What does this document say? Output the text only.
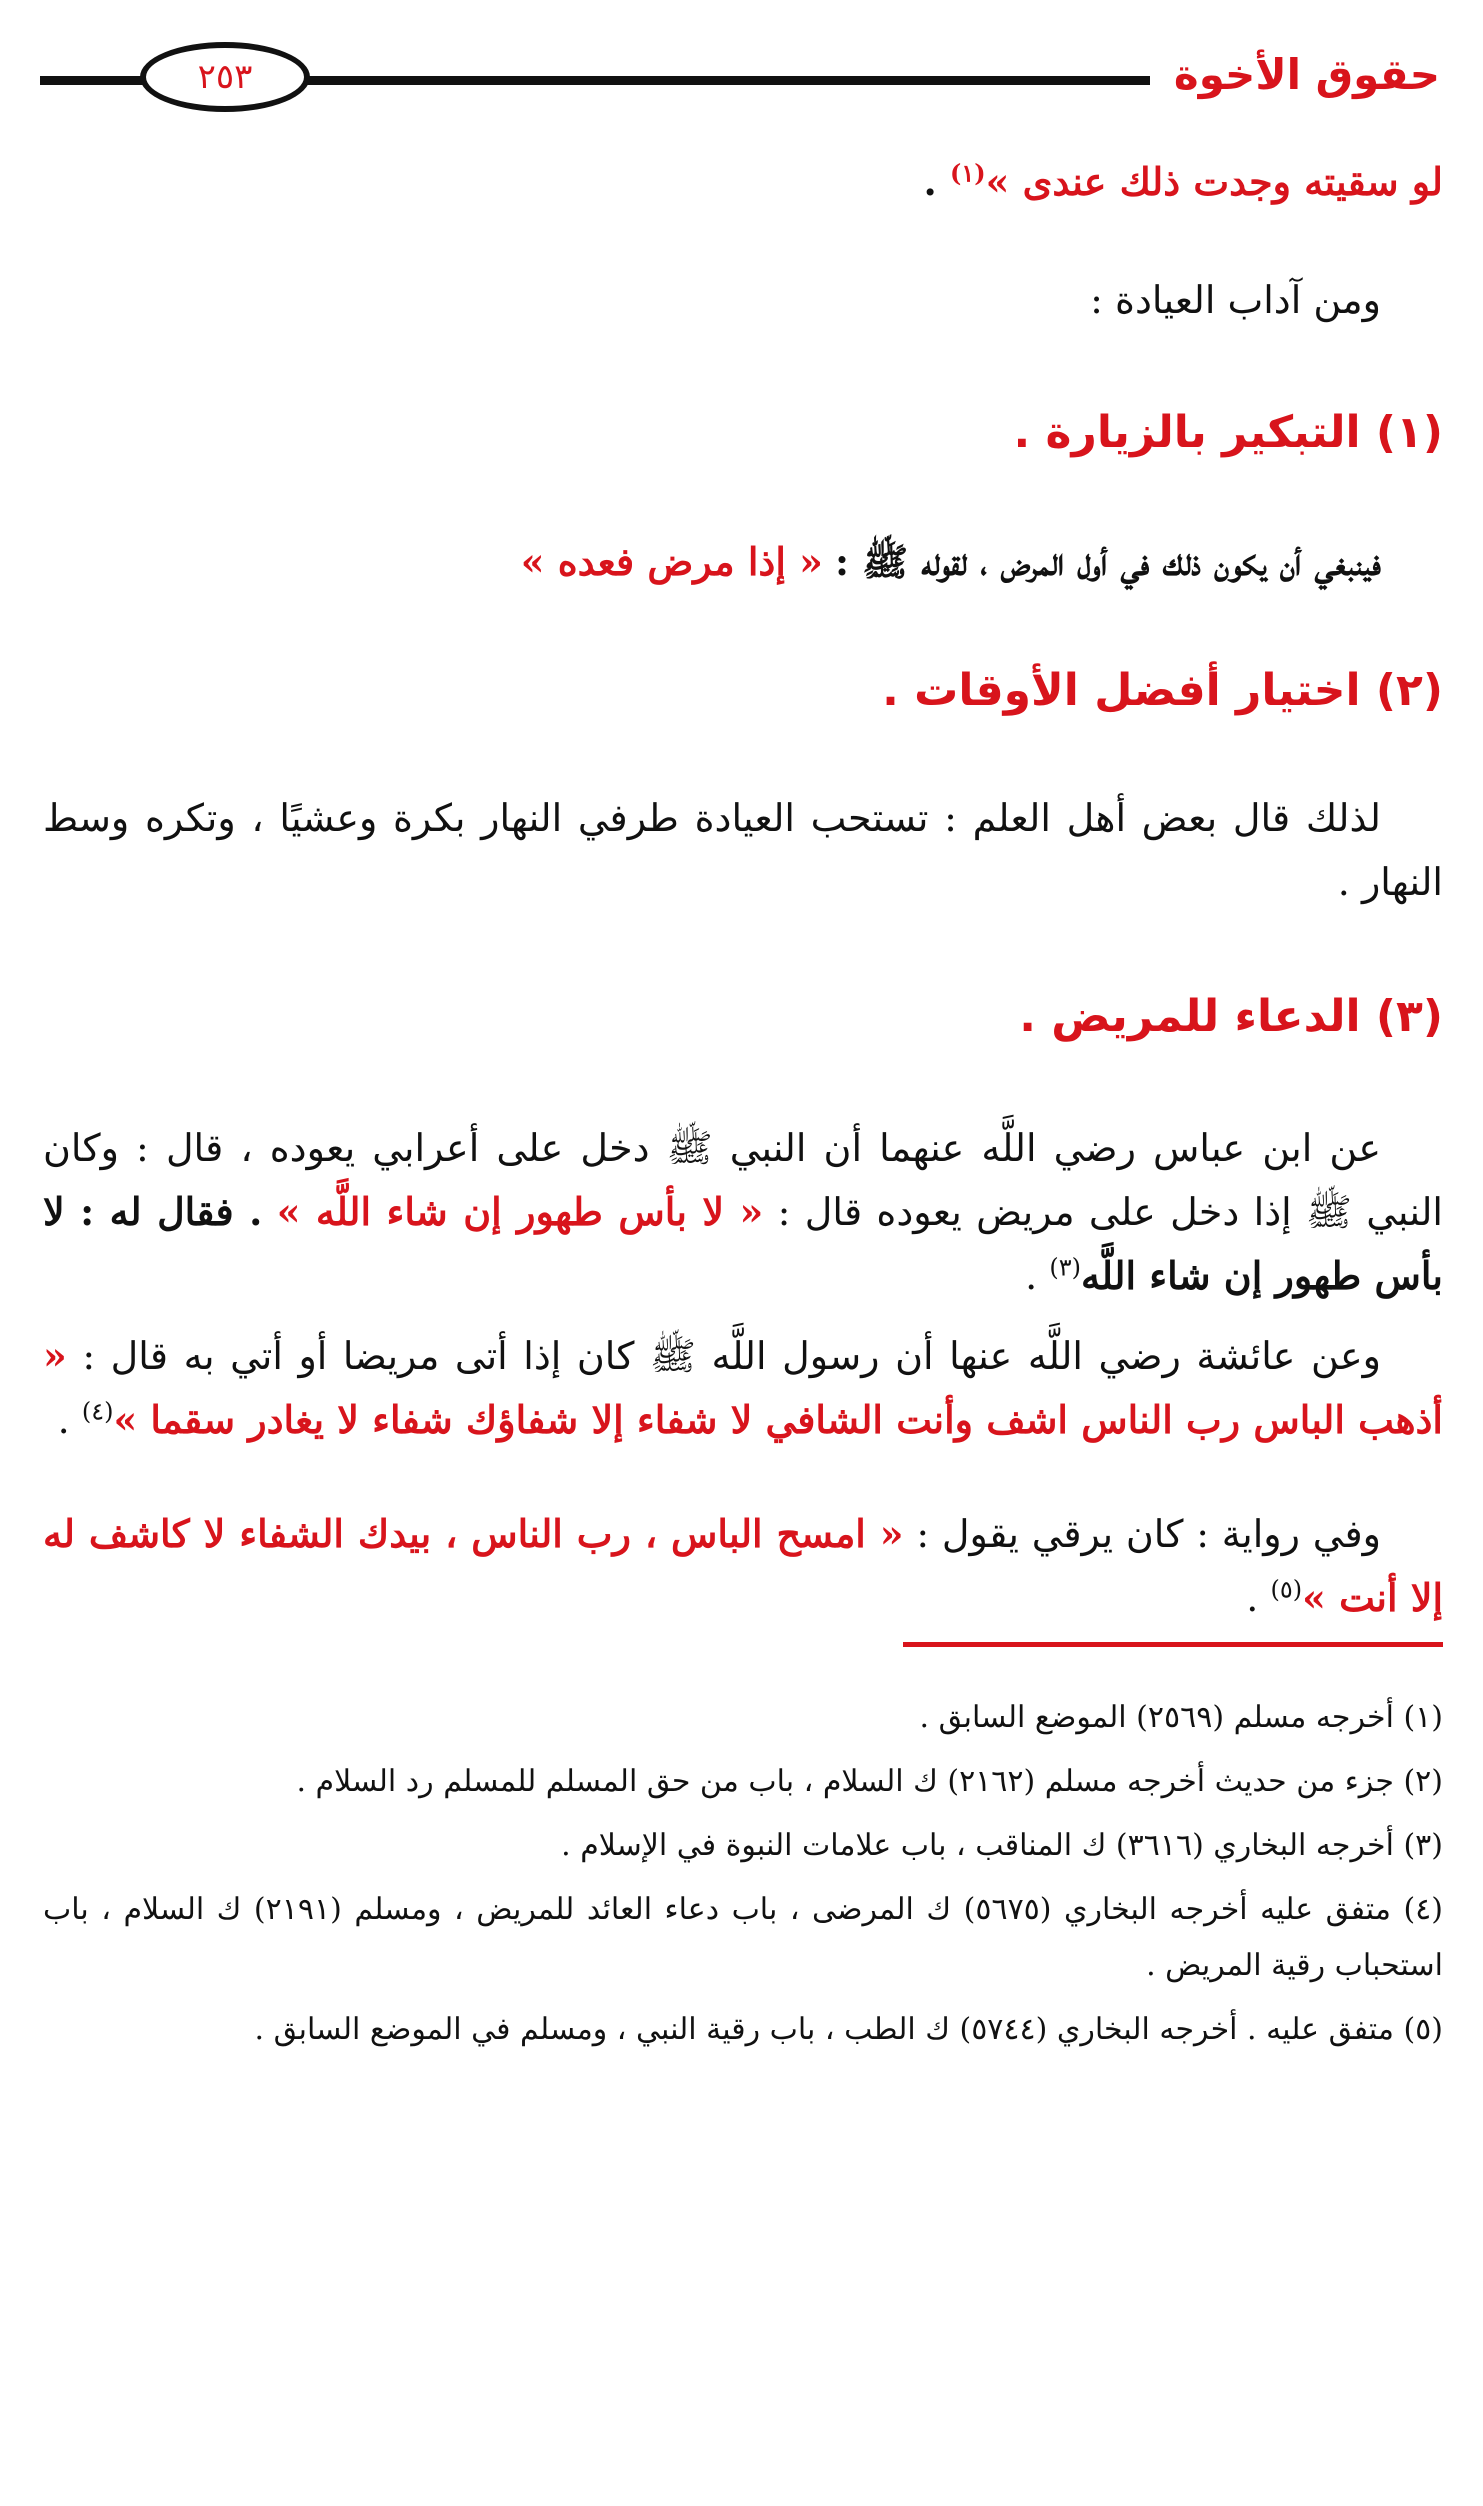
حقوق الأخوة
٢٥٣
لو سقيته وجدت ذلك عندى »$^{(١)}$ .
ومن آداب العيادة :
(١) التبكير بالزيارة .
فينبغي أن يكون ذلك في أول المرض ، لقوله ﷺ : « إذا مرض فعده »
(٢) اختيار أفضل الأوقات .
لذلك قال بعض أهل العلم : تستحب العيادة طرفي النهار بكرة وعشيًا ، وتكره وسط النهار .
(٣) الدعاء للمريض .
عن ابن عباس رضي اللَّه عنهما أن النبي ﷺ دخل على أعرابي يعوده ، قال : وكان النبي ﷺ إذا دخل على مريض يعوده قال : « لا بأس طهور إن شاء اللَّه » . فقال له : لا بأس طهور إن شاء اللَّه$^{(٣)}$ .
وعن عائشة رضي اللَّه عنها أن رسول اللَّه ﷺ كان إذا أتى مريضا أو أتي به قال : « أذهب الباس رب الناس اشف وأنت الشافي لا شفاء إلا شفاؤك شفاء لا يغادر سقما »$^{(٤)}$ .
وفي رواية : كان يرقي يقول : « امسح الباس ، رب الناس ، بيدك الشفاء لا كاشف له إلا أنت »$^{(٥)}$ .

(١) أخرجه مسلم (٢٥٦٩) الموضع السابق .

(٢) جزء من حديث أخرجه مسلم (٢١٦٢) ك السلام ، باب من حق المسلم للمسلم رد السلام .

(٣) أخرجه البخاري (٣٦١٦) ك المناقب ، باب علامات النبوة في الإسلام .

(٤) متفق عليه أخرجه البخاري (٥٦٧٥) ك المرضى ، باب دعاء العائد للمريض ، ومسلم (٢١٩١) ك السلام ، باب استحباب رقية المريض .

(٥) متفق عليه . أخرجه البخاري (٥٧٤٤) ك الطب ، باب رقية النبي ، ومسلم في الموضع السابق .
